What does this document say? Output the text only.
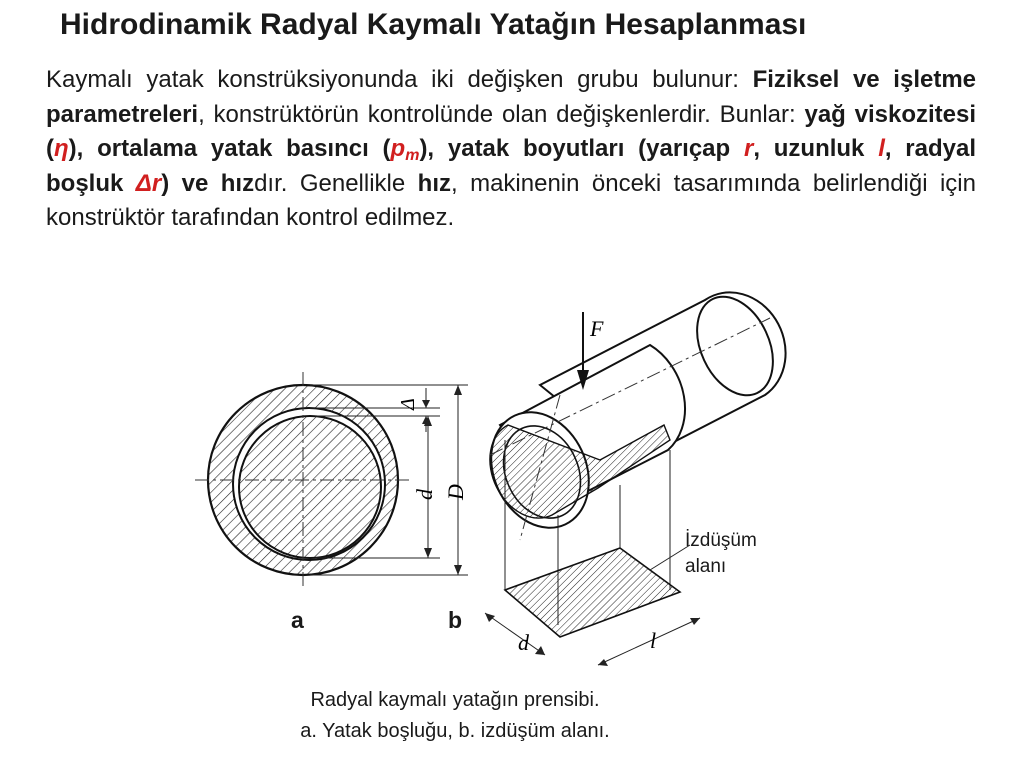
Hidrodinamik Radyal Kaymalı Yatağın Hesaplanması
Kaymalı yatak konstrüksiyonunda iki değişken grubu bulunur: Fiziksel ve işletme parametreleri, konstrüktörün kontrolünde olan değişkenlerdir. Bunlar: yağ viskozitesi (η), ortalama yatak basıncı $(p_m)$, yatak boyutları (yarıçap r, uzunluk l, radyal boşluk Δr) ve hızdır. Genellikle hız, makinenin önceki tasarımında belirlendiği için konstrüktör tarafından kontrol edilmez.
Δ
d D
F
d	l
a	b
İzdüşüm
alanı
Radyal kaymalı yatağın prensibi.
a. Yatak boşluğu, b. izdüşüm alanı.
